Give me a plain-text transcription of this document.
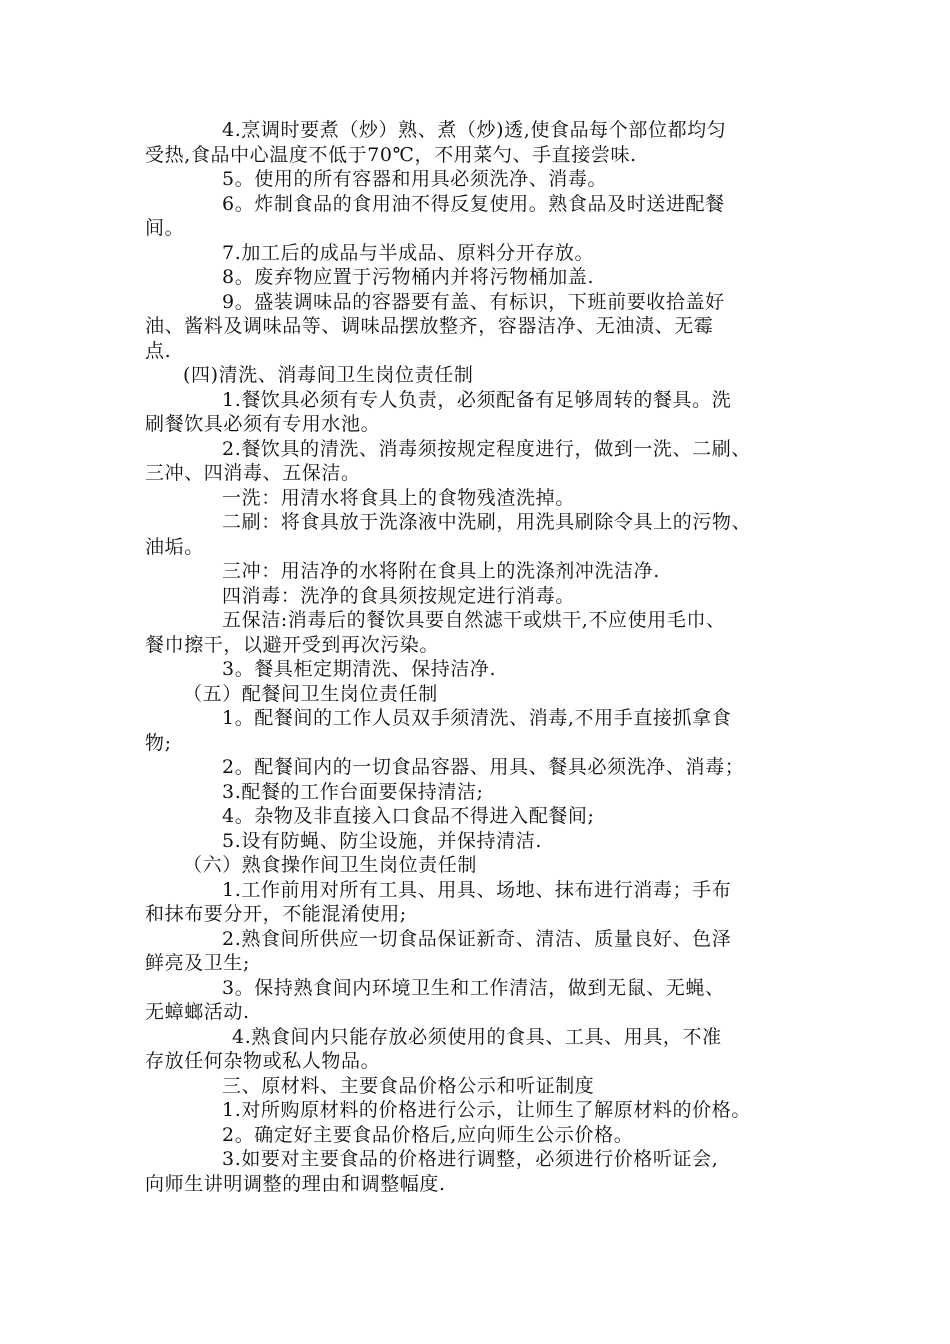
4.烹调时要煮（炒）熟、煮（炒)透,使食品每个部位都均匀
受热,食品中心温度不低于70℃，不用菜勺、手直接尝味.
5。使用的所有容器和用具必须洗净、消毒。
6。炸制食品的食用油不得反复使用。熟食品及时送进配餐
间。
7.加工后的成品与半成品、原料分开存放。
8。废弃物应置于污物桶内并将污物桶加盖.
9。盛装调味品的容器要有盖、有标识，下班前要收拾盖好
油、酱料及调味品等、调味品摆放整齐，容器洁净、无油渍、无霉
点.
(四)清洗、消毒间卫生岗位责任制
1.餐饮具必须有专人负责，必须配备有足够周转的餐具。洗
刷餐饮具必须有专用水池。
2.餐饮具的清洗、消毒须按规定程度进行，做到一洗、二刷、
三冲、四消毒、五保洁。
一洗：用清水将食具上的食物残渣洗掉。
二刷：将食具放于洗涤液中洗刷，用洗具刷除令具上的污物、
油垢。
三冲：用洁净的水将附在食具上的洗涤剂冲洗洁净.
四消毒：洗净的食具须按规定进行消毒。
五保洁:消毒后的餐饮具要自然滤干或烘干,不应使用毛巾、
餐巾擦干，以避开受到再次污染。
3。餐具柜定期清洗、保持洁净.
（五）配餐间卫生岗位责任制
1。配餐间的工作人员双手须清洗、消毒,不用手直接抓拿食
物;
2。配餐间内的一切食品容器、用具、餐具必须洗净、消毒；
3.配餐的工作台面要保持清洁;
4。杂物及非直接入口食品不得进入配餐间;
5.设有防蝇、防尘设施，并保持清洁.
（六）熟食操作间卫生岗位责任制
1.工作前用对所有工具、用具、场地、抹布进行消毒；手布
和抹布要分开，不能混淆使用;
2.熟食间所供应一切食品保证新奇、清洁、质量良好、色泽
鲜亮及卫生;
3。保持熟食间内环境卫生和工作清洁，做到无鼠、无蝇、
无蟑螂活动.
4.熟食间内只能存放必须使用的食具、工具、用具，不准
存放任何杂物或私人物品。
三、原材料、主要食品价格公示和听证制度
1.对所购原材料的价格进行公示，让师生了解原材料的价格。
2。确定好主要食品价格后,应向师生公示价格。
3.如要对主要食品的价格进行调整，必须进行价格听证会,
向师生讲明调整的理由和调整幅度.
